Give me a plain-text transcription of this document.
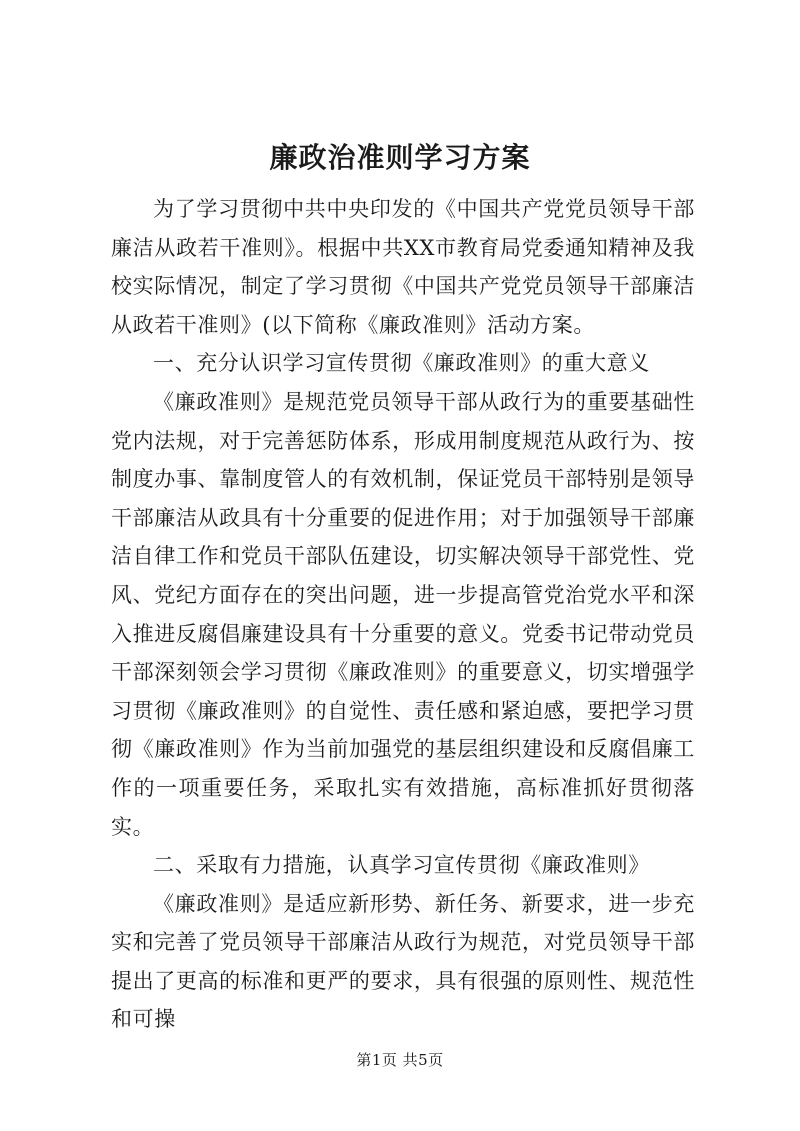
廉政治准则学习方案

为了学习贯彻中共中央印发的《中国共产党党员领导干部廉洁从政若干准则》。根据中共XX市教育局党委通知精神及我校实际情况，制定了学习贯彻《中国共产党党员领导干部廉洁从政若干准则》(以下简称《廉政准则》活动方案。

一、充分认识学习宣传贯彻《廉政准则》的重大意义

《廉政准则》是规范党员领导干部从政行为的重要基础性党内法规，对于完善惩防体系，形成用制度规范从政行为、按制度办事、靠制度管人的有效机制，保证党员干部特别是领导干部廉洁从政具有十分重要的促进作用；对于加强领导干部廉洁自律工作和党员干部队伍建设，切实解决领导干部党性、党风、党纪方面存在的突出问题，进一步提高管党治党水平和深入推进反腐倡廉建设具有十分重要的意义。党委书记带动党员干部深刻领会学习贯彻《廉政准则》的重要意义，切实增强学习贯彻《廉政准则》的自觉性、责任感和紧迫感，要把学习贯彻《廉政准则》作为当前加强党的基层组织建设和反腐倡廉工作的一项重要任务，采取扎实有效措施，高标准抓好贯彻落实。

二、采取有力措施，认真学习宣传贯彻《廉政准则》

《廉政准则》是适应新形势、新任务、新要求，进一步充实和完善了党员领导干部廉洁从政行为规范，对党员领导干部提出了更高的标准和更严的要求，具有很强的原则性、规范性和可操

第1页 共5页
